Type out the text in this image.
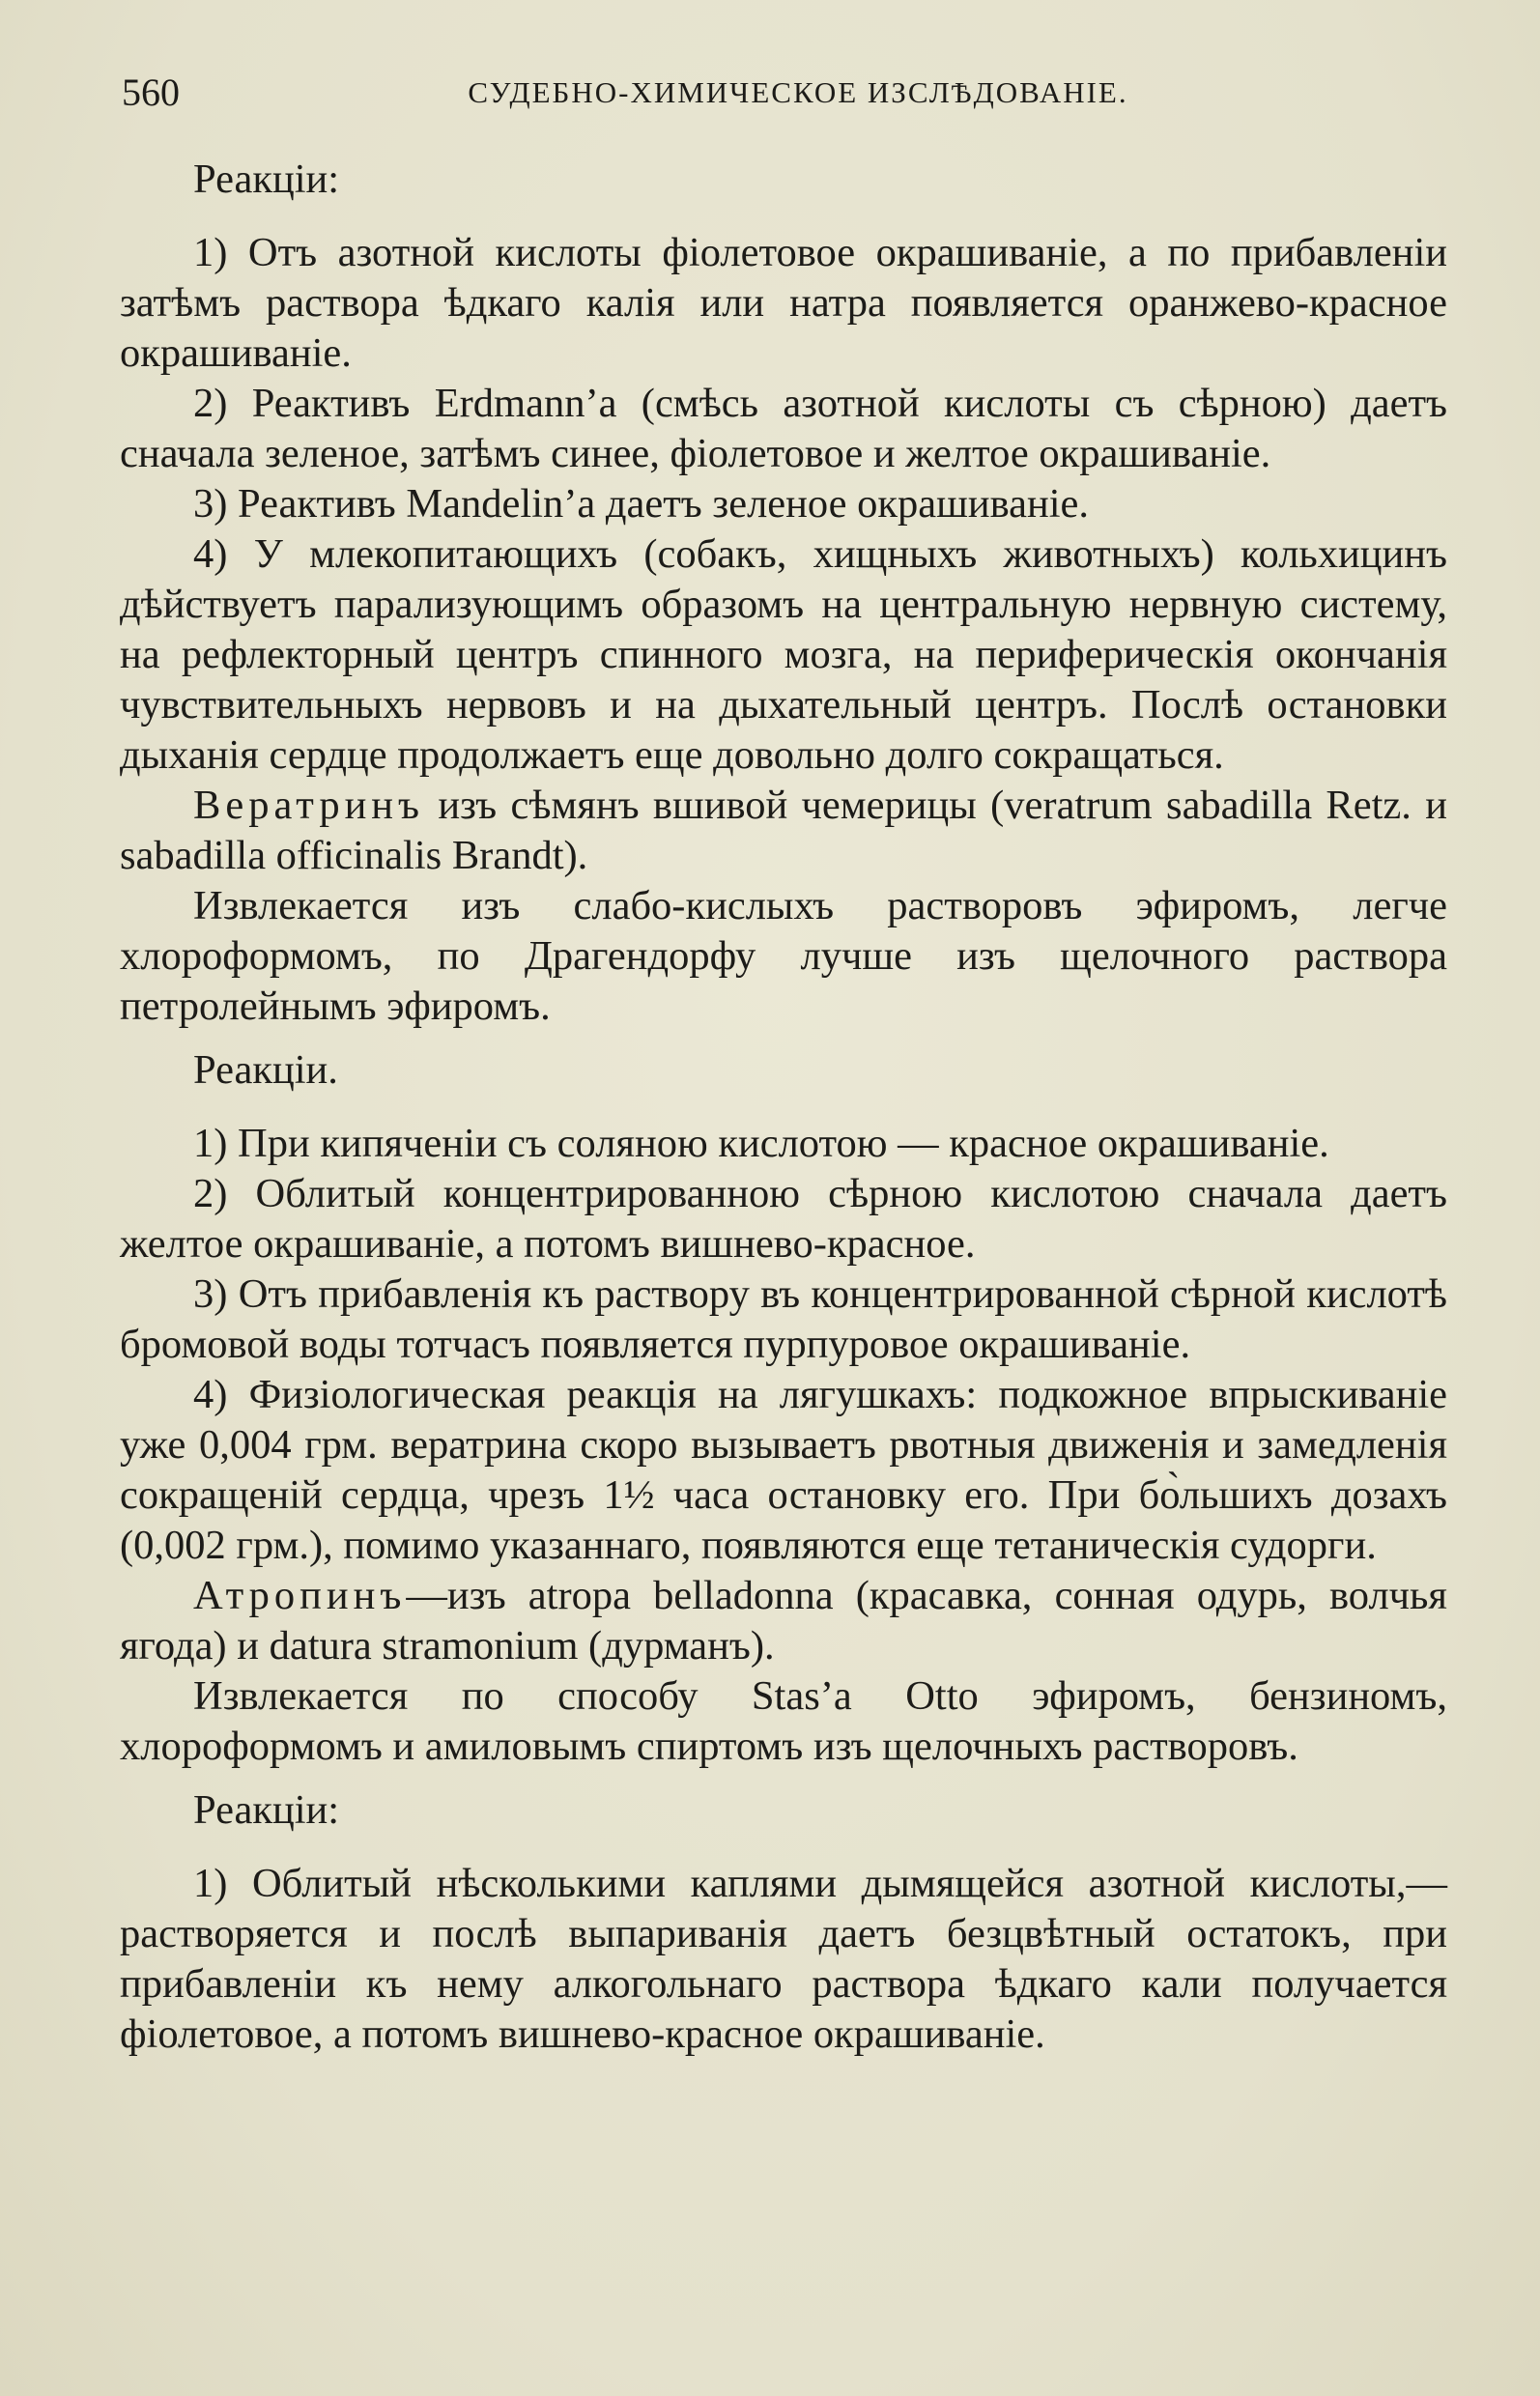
560	СУДЕБНО-ХИМИЧЕСКОЕ ИЗСЛѢДОВАНІЕ.

Реакціи:

1) Отъ азотной кислоты фіолетовое окрашиваніе, а по прибавленіи затѣмъ раствора ѣдкаго калія или натра появляется оранжево-красное окрашиваніе.

2) Реактивъ Erdmann’a (смѣсь азотной кислоты съ сѣрною) даетъ сначала зеленое, затѣмъ синее, фіолетовое и желтое окрашиваніе.

3) Реактивъ Mandelin’a даетъ зеленое окрашиваніе.

4) У млекопитающихъ (собакъ, хищныхъ животныхъ) кольхицинъ дѣйствуетъ парализующимъ образомъ на центральную нервную систему, на рефлекторный центръ спинного мозга, на периферическія окончанія чувствительныхъ нервовъ и на дыхательный центръ. Послѣ остановки дыханія сердце продолжаетъ еще довольно долго сокращаться.

Вератринъ изъ сѣмянъ вшивой чемерицы (veratrum sabadilla Retz. и sabadilla officinalis Brandt).

Извлекается изъ слабо-кислыхъ растворовъ эфиромъ, легче хлороформомъ, по Драгендорфу лучше изъ щелочного раствора петролейнымъ эфиромъ.

Реакціи.

1) При кипяченіи съ соляною кислотою — красное окрашиваніе.

2) Облитый концентрированною сѣрною кислотою сначала даетъ желтое окрашиваніе, а потомъ вишнево-красное.

3) Отъ прибавленія къ раствору въ концентрированной сѣрной кислотѣ бромовой воды тотчасъ появляется пурпуровое окрашиваніе.

4) Физіологическая реакція на лягушкахъ: подкожное впрыскиваніе уже 0,004 грм. вератрина скоро вызываетъ рвотныя движенія и замедленія сокращеній сердца, чрезъ 1½ часа остановку его. При бо̀льшихъ дозахъ (0,002 грм.), помимо указаннаго, появляются еще тетаническія судорги.

Атропинъ—изъ atropa belladonna (красавка, сонная одурь, волчья ягода) и datura stramonium (дурманъ).

Извлекается по способу Stas’a Otto эфиромъ, бензиномъ, хлороформомъ и амиловымъ спиртомъ изъ щелочныхъ растворовъ.

Реакціи:

1) Облитый нѣсколькими каплями дымящейся азотной кислоты,—растворяется и послѣ выпариванія даетъ безцвѣтный остатокъ, при прибавленіи къ нему алкогольнаго раствора ѣдкаго кали получается фіолетовое, а потомъ вишнево-красное окрашиваніе.
